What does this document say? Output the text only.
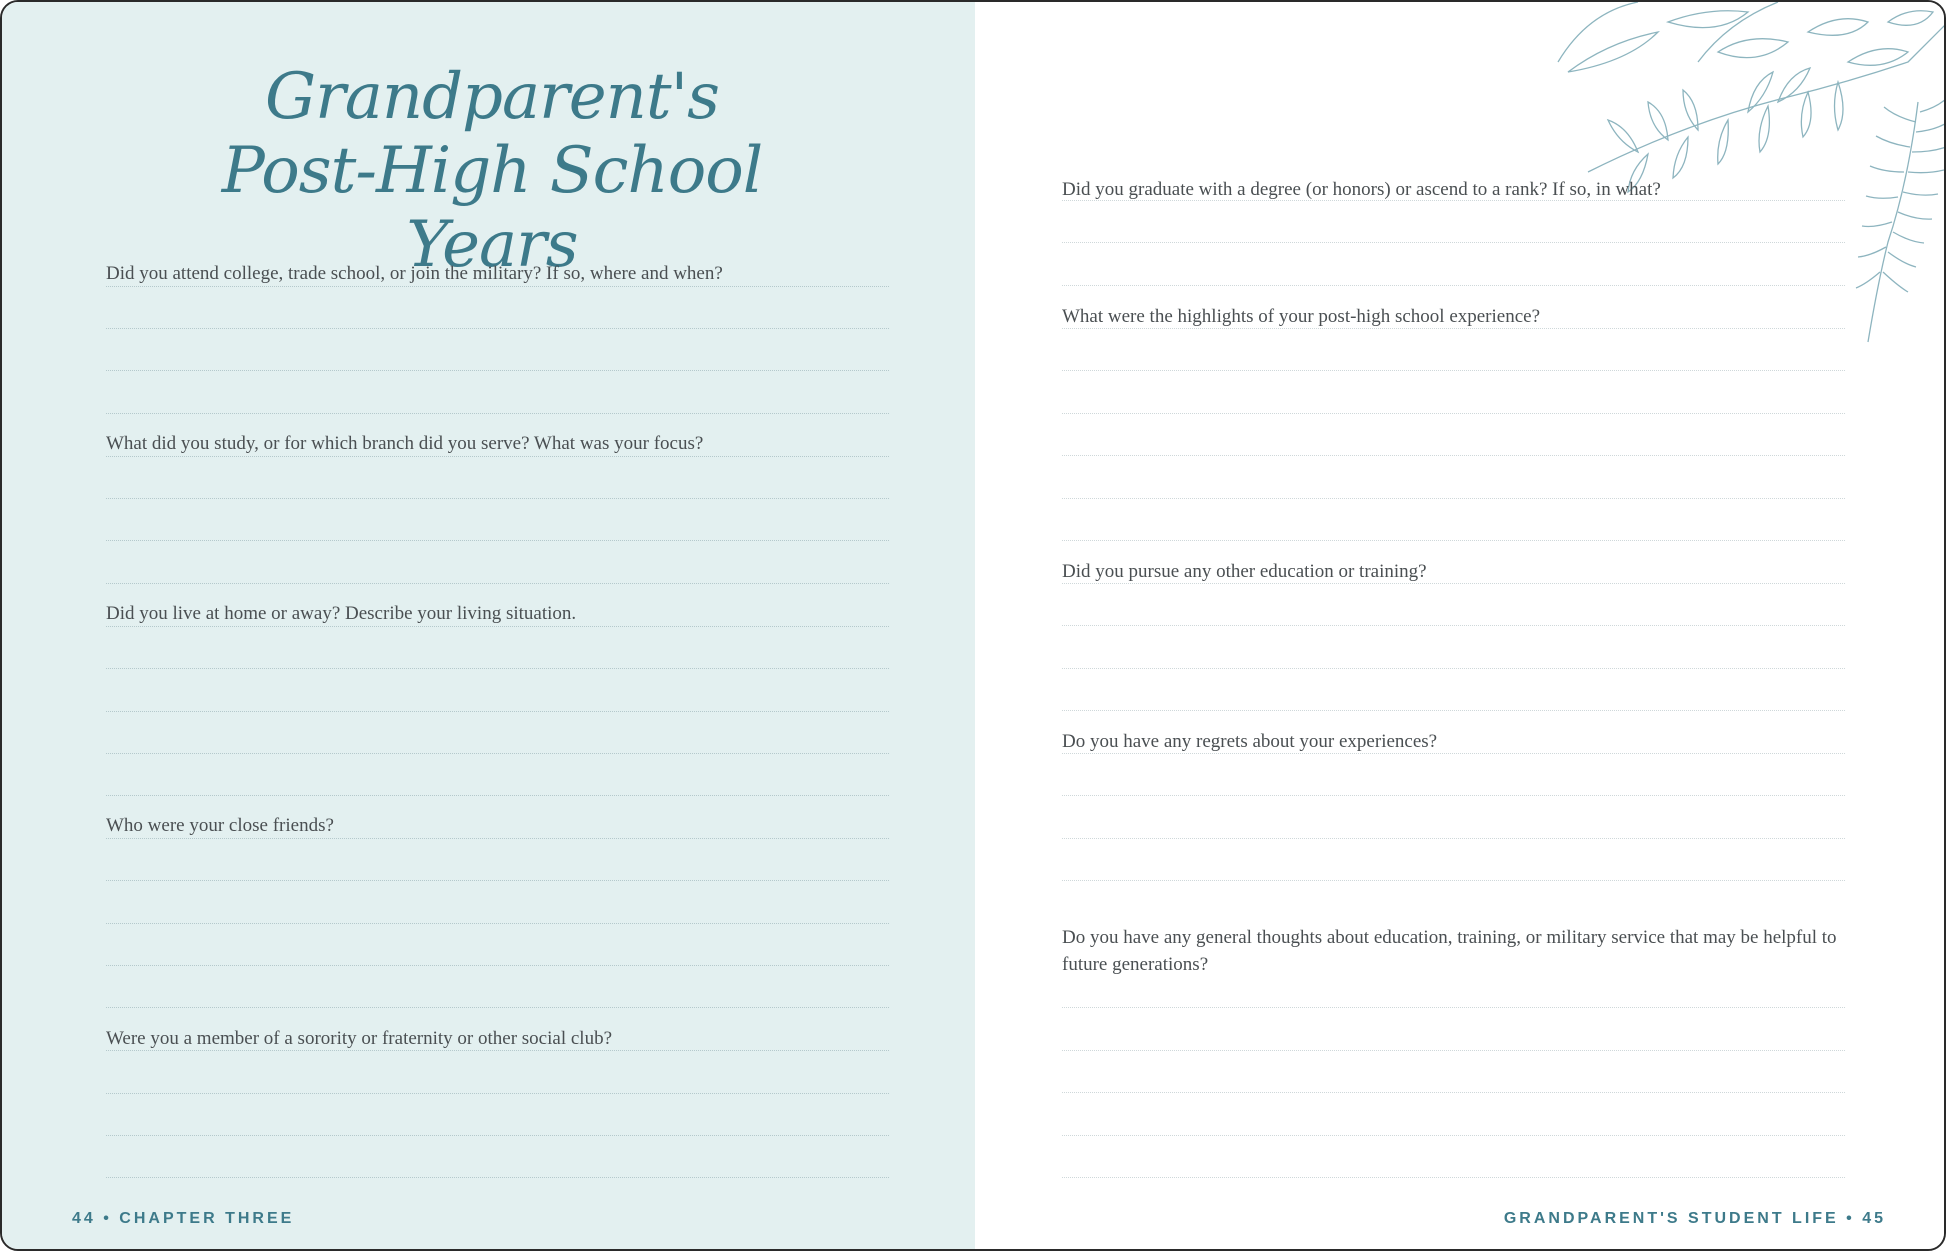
Grandparent's
Post-High School Years
Did you attend college, trade school, or join the military? If so, where and when?
What did you study, or for which branch did you serve? What was your focus?
Did you live at home or away? Describe your living situation.
Who were your close friends?
Were you a member of a sorority or fraternity or other social club?
44 • CHAPTER THREE
Did you graduate with a degree (or honors) or ascend to a rank? If so, in what?
What were the highlights of your post-high school experience?
Did you pursue any other education or training?
Do you have any regrets about your experiences?
Do you have any general thoughts about education, training, or military service that may be helpful to future generations?
GRANDPARENT'S STUDENT LIFE • 45
